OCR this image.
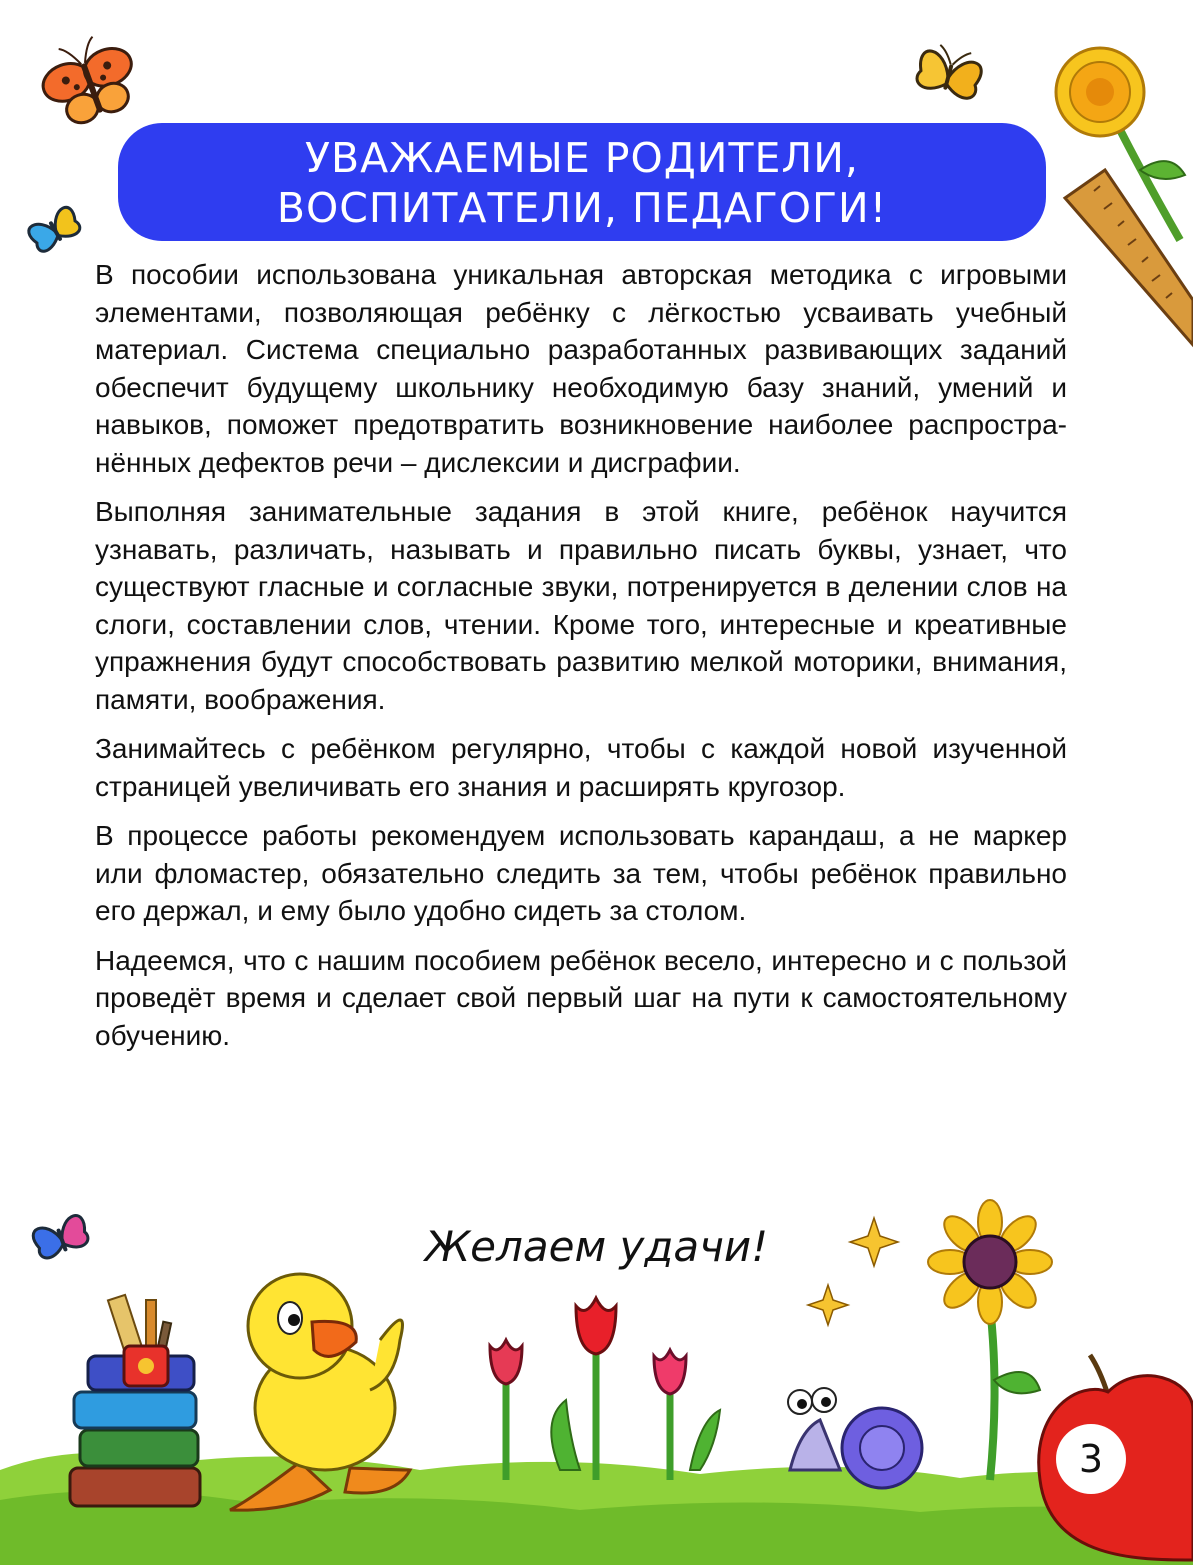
УВАЖАЕМЫЕ РОДИТЕЛИ,
ВОСПИТАТЕЛИ, ПЕДАГОГИ!

В пособии использована уникальная авторская методика с игровыми элементами, позволяющая ребёнку с лёгкостью усваивать учебный материал. Система специально разработанных развивающих заданий обеспечит будущему школьнику необходимую базу знаний, умений и навыков, поможет предотвратить возникновение наиболее распространённых дефектов речи – дислексии и дисграфии.

Выполняя занимательные задания в этой книге, ребёнок научится узнавать, различать, называть и правильно писать буквы, узнает, что существуют гласные и согласные звуки, потренируется в делении слов на слоги, составлении слов, чтении. Кроме того, интересные и креативные упражнения будут способствовать развитию мелкой моторики, внимания, памяти, воображения.

Занимайтесь с ребёнком регулярно, чтобы с каждой новой изученной страницей увеличивать его знания и расширять кругозор.

В процессе работы рекомендуем использовать карандаш, а не маркер или фломастер, обязательно следить за тем, чтобы ребёнок правильно его держал, и ему было удобно сидеть за столом.

Надеемся, что с нашим пособием ребёнок весело, интересно и с пользой проведёт время и сделает свой первый шаг на пути к самостоятельному обучению.

Желаем удачи!
3
